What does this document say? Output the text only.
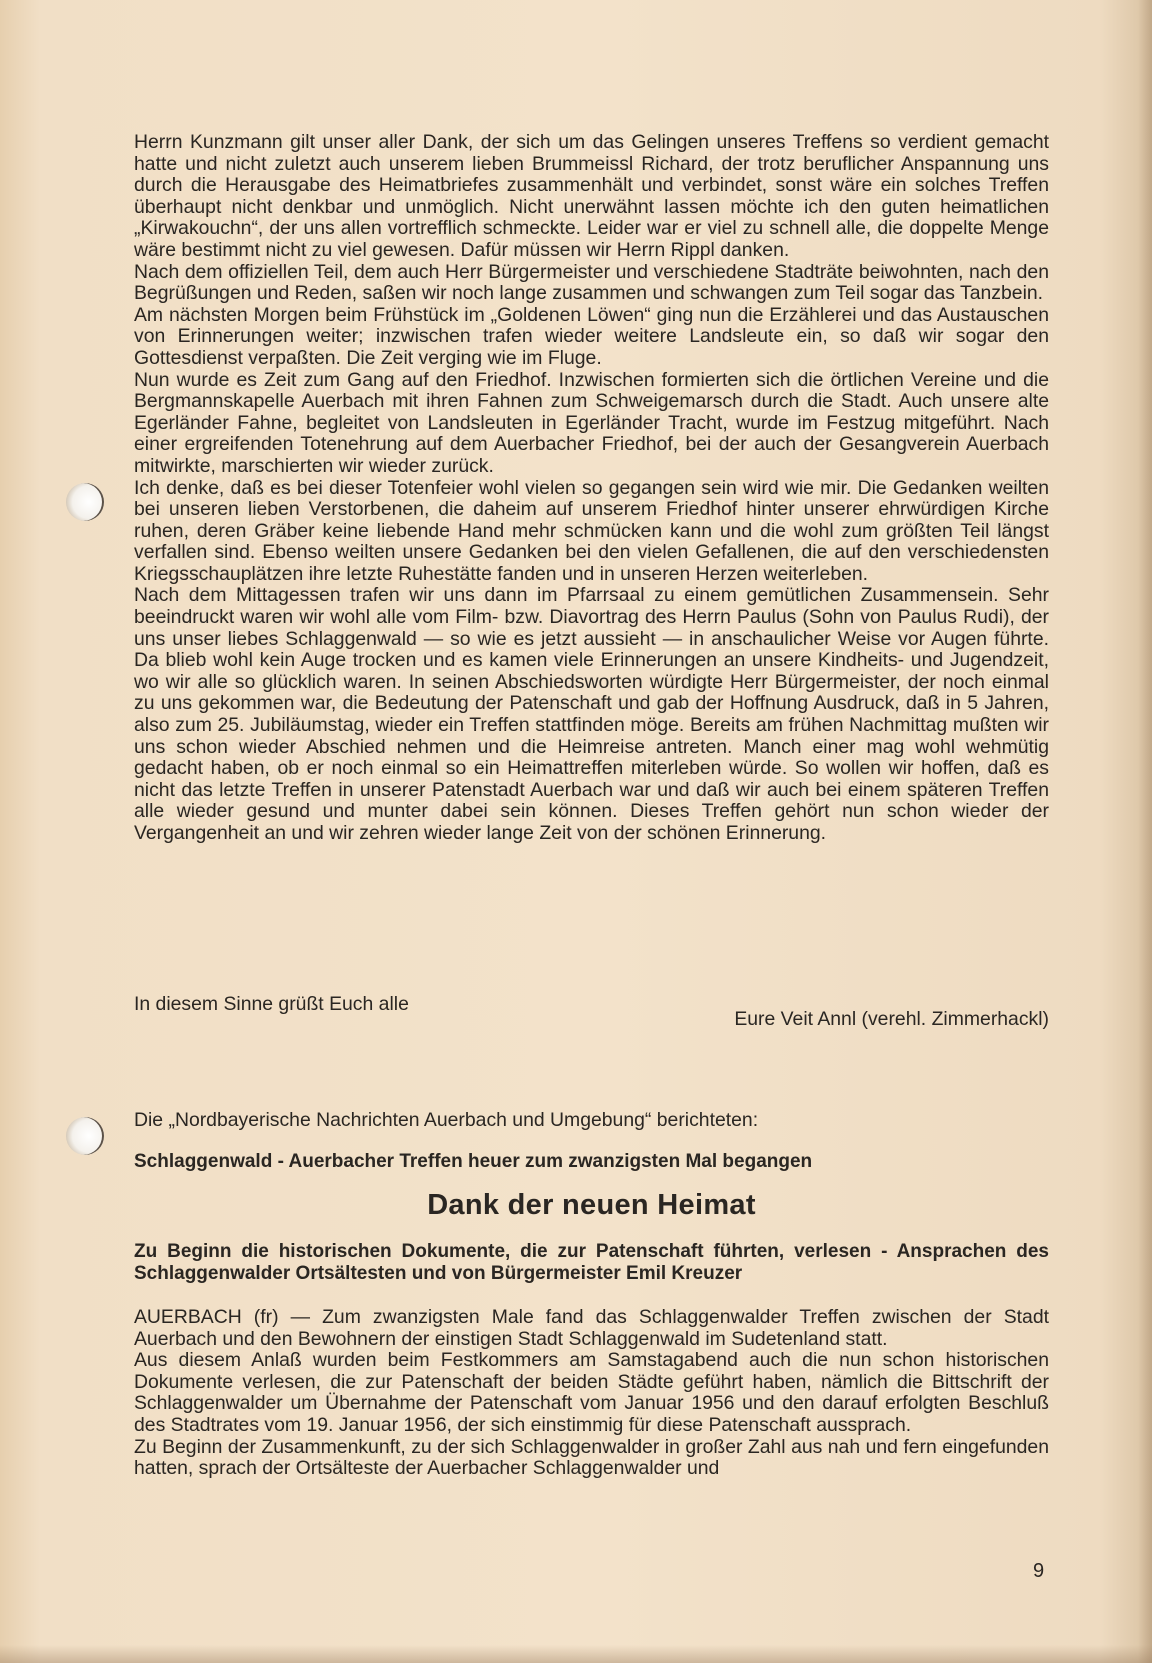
Herrn Kunzmann gilt unser aller Dank, der sich um das Gelingen unseres Treffens so verdient gemacht hatte und nicht zuletzt auch unserem lieben Brummeissl Richard, der trotz beruflicher Anspannung uns durch die Herausgabe des Heimatbriefes zusammenhält und verbindet, sonst wäre ein solches Treffen überhaupt nicht denkbar und unmöglich. Nicht unerwähnt lassen möchte ich den guten heimatlichen „Kirwakouchn“, der uns allen vortrefflich schmeckte. Leider war er viel zu schnell alle, die doppelte Menge wäre bestimmt nicht zu viel gewesen. Dafür müssen wir Herrn Rippl danken.

Nach dem offiziellen Teil, dem auch Herr Bürgermeister und verschiedene Stadträte beiwohnten, nach den Begrüßungen und Reden, saßen wir noch lange zusammen und schwangen zum Teil sogar das Tanzbein.

Am nächsten Morgen beim Frühstück im „Goldenen Löwen“ ging nun die Erzählerei und das Austauschen von Erinnerungen weiter; inzwischen trafen wieder weitere Landsleute ein, so daß wir sogar den Gottesdienst verpaßten. Die Zeit verging wie im Fluge.

Nun wurde es Zeit zum Gang auf den Friedhof. Inzwischen formierten sich die örtlichen Vereine und die Bergmannskapelle Auerbach mit ihren Fahnen zum Schweigemarsch durch die Stadt. Auch unsere alte Egerländer Fahne, begleitet von Landsleuten in Egerländer Tracht, wurde im Festzug mitgeführt. Nach einer ergreifenden Totenehrung auf dem Auerbacher Friedhof, bei der auch der Gesangverein Auerbach mitwirkte, marschierten wir wieder zurück.

Ich denke, daß es bei dieser Totenfeier wohl vielen so gegangen sein wird wie mir. Die Gedanken weilten bei unseren lieben Verstorbenen, die daheim auf unserem Friedhof hinter unserer ehrwürdigen Kirche ruhen, deren Gräber keine liebende Hand mehr schmücken kann und die wohl zum größten Teil längst verfallen sind. Ebenso weilten unsere Gedanken bei den vielen Gefallenen, die auf den verschiedensten Kriegsschauplätzen ihre letzte Ruhestätte fanden und in unseren Herzen weiterleben.

Nach dem Mittagessen trafen wir uns dann im Pfarrsaal zu einem gemütlichen Zusammensein. Sehr beeindruckt waren wir wohl alle vom Film- bzw. Diavortrag des Herrn Paulus (Sohn von Paulus Rudi), der uns unser liebes Schlaggenwald — so wie es jetzt aussieht — in anschaulicher Weise vor Augen führte. Da blieb wohl kein Auge trocken und es kamen viele Erinnerungen an unsere Kindheits- und Jugendzeit, wo wir alle so glücklich waren. In seinen Abschiedsworten würdigte Herr Bürgermeister, der noch einmal zu uns gekommen war, die Bedeutung der Patenschaft und gab der Hoffnung Ausdruck, daß in 5 Jahren, also zum 25. Jubiläumstag, wieder ein Treffen stattfinden möge. Bereits am frühen Nachmittag mußten wir uns schon wieder Abschied nehmen und die Heimreise antreten. Manch einer mag wohl wehmütig gedacht haben, ob er noch einmal so ein Heimattreffen miterleben würde. So wollen wir hoffen, daß es nicht das letzte Treffen in unserer Patenstadt Auerbach war und daß wir auch bei einem späteren Treffen alle wieder gesund und munter dabei sein können. Dieses Treffen gehört nun schon wieder der Vergangenheit an und wir zehren wieder lange Zeit von der schönen Erinnerung.

In diesem Sinne grüßt Euch alle
Eure Veit Annl (verehl. Zimmerhackl)
Die „Nordbayerische Nachrichten Auerbach und Umgebung“ berichteten:
Schlaggenwald - Auerbacher Treffen heuer zum zwanzigsten Mal begangen
Dank der neuen Heimat
Zu Beginn die historischen Dokumente, die zur Patenschaft führten, verlesen - Ansprachen des Schlaggenwalder Ortsältesten und von Bürgermeister Emil Kreuzer

AUERBACH (fr) — Zum zwanzigsten Male fand das Schlaggenwalder Treffen zwischen der Stadt Auerbach und den Bewohnern der einstigen Stadt Schlaggenwald im Sudetenland statt.

Aus diesem Anlaß wurden beim Festkommers am Samstagabend auch die nun schon historischen Dokumente verlesen, die zur Patenschaft der beiden Städte geführt haben, nämlich die Bittschrift der Schlaggenwalder um Übernahme der Patenschaft vom Januar 1956 und den darauf erfolgten Beschluß des Stadtrates vom 19. Januar 1956, der sich einstimmig für diese Patenschaft aussprach.

Zu Beginn der Zusammenkunft, zu der sich Schlaggenwalder in großer Zahl aus nah und fern eingefunden hatten, sprach der Ortsälteste der Auerbacher Schlaggenwalder und

9
